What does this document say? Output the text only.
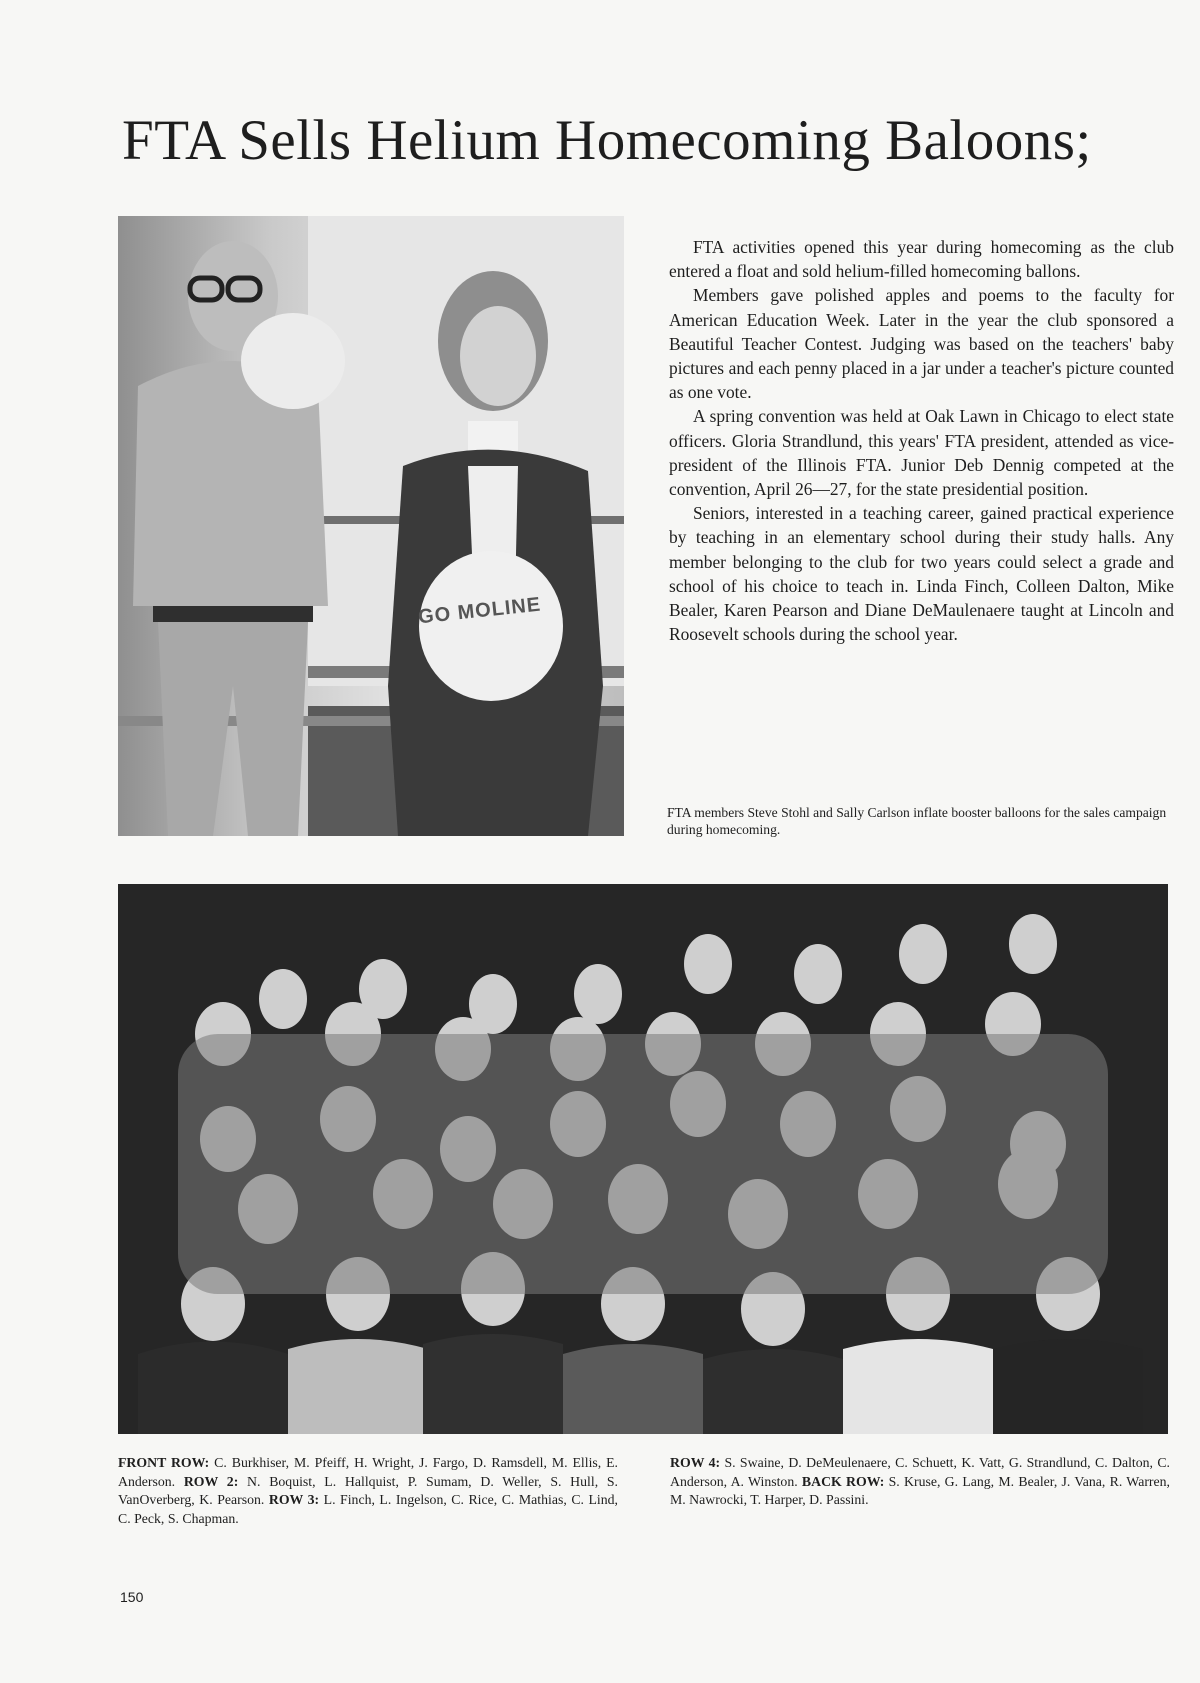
FTA Sells Helium Homecoming Baloons;
GO MOLINE

FTA activities opened this year during homecoming as the club entered a float and sold helium-filled homecoming ballons.

Members gave polished apples and poems to the faculty for American Education Week. Later in the year the club sponsored a Beautiful Teacher Contest. Judging was based on the teachers' baby pictures and each penny placed in a jar under a teacher's picture counted as one vote.

A spring convention was held at Oak Lawn in Chicago to elect state officers. Gloria Strandlund, this years' FTA president, attended as vice-president of the Illinois FTA. Junior Deb Dennig competed at the convention, April 26—27, for the state presidential position.

Seniors, interested in a teaching career, gained practical experience by teaching in an elementary school during their study halls. Any member belonging to the club for two years could select a grade and school of his choice to teach in. Linda Finch, Colleen Dalton, Mike Bealer, Karen Pearson and Diane DeMaulenaere taught at Lincoln and Roosevelt schools during the school year.

FTA members Steve Stohl and Sally Carlson inflate booster balloons for the sales campaign during homecoming.
FRONT ROW: C. Burkhiser, M. Pfeiff, H. Wright, J. Fargo, D. Ramsdell, M. Ellis, E. Anderson. ROW 2: N. Boquist, L. Hallquist, P. Sumam, D. Weller, S. Hull, S. VanOverberg, K. Pearson. ROW 3: L. Finch, L. Ingelson, C. Rice, C. Mathias, C. Lind, C. Peck, S. Chapman.
ROW 4: S. Swaine, D. DeMeulenaere, C. Schuett, K. Vatt, G. Strandlund, C. Dalton, C. Anderson, A. Winston. BACK ROW: S. Kruse, G. Lang, M. Bealer, J. Vana, R. Warren, M. Nawrocki, T. Harper, D. Passini.
150
